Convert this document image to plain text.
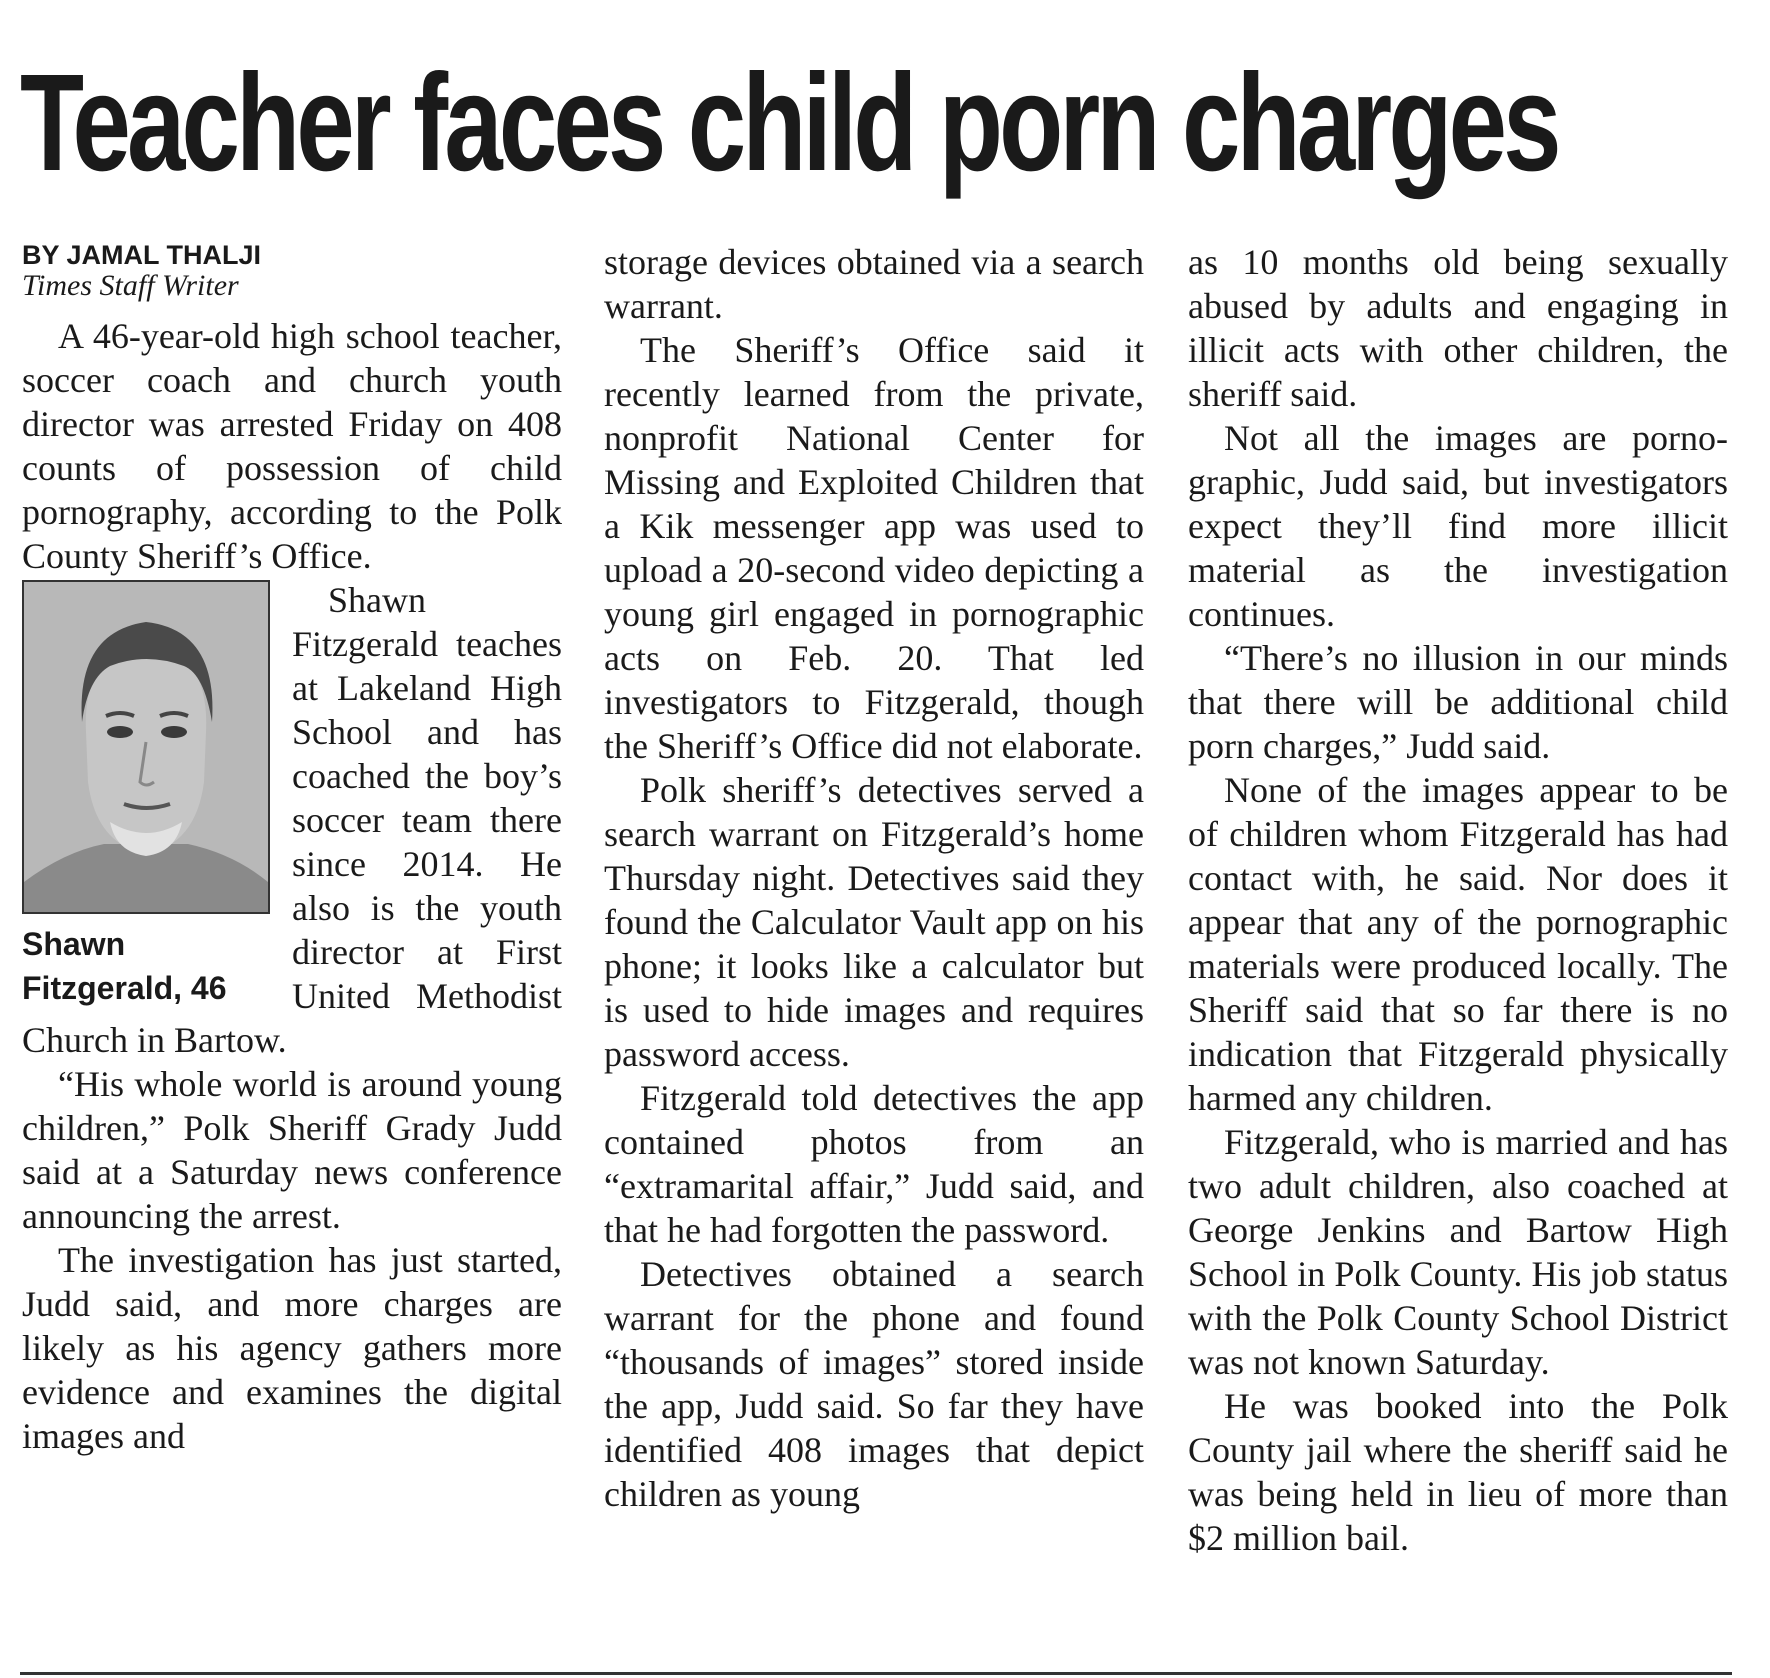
Teacher faces child porn charges
BY JAMAL THALJI
Times Staff Writer

A 46-year-old high school teacher, soccer coach and church youth director was arrested Friday on 408 counts of possession of child pornography, according to the Polk County Sheriff’s Office.

Shawn
Fitzgerald, 46

Shawn Fitzgerald teaches at Lakeland High School and has coached the boy’s soccer team there since 2014. He also is the youth director at First United Methodist Church in Bartow.

“His whole world is around young children,” Polk Sheriff Grady Judd said at a Saturday news conference announcing the arrest.

The investigation has just started, Judd said, and more charges are likely as his agency gathers more evidence and examines the digital images and

storage devices obtained via a search warrant.

The Sheriff’s Office said it recently learned from the private, nonprofit National Center for Missing and Exploited Children that a Kik messenger app was used to upload a 20-second video depicting a young girl engaged in pornographic acts on Feb. 20. That led investigators to Fitzgerald, though the Sheriff’s Office did not elaborate.

Polk sheriff’s detectives served a search warrant on Fitzgerald’s home Thursday night. Detectives said they found the Calculator Vault app on his phone; it looks like a calculator but is used to hide images and requires password access.

Fitzgerald told detectives the app contained photos from an “extramarital affair,” Judd said, and that he had forgotten the password.

Detectives obtained a search warrant for the phone and found “thousands of images” stored inside the app, Judd said. So far they have identified 408 images that depict children as young

as 10 months old being sexually abused by adults and engaging in illicit acts with other children, the sheriff said.

Not all the images are pornographic, Judd said, but investigators expect they’ll find more illicit material as the investigation continues.

“There’s no illusion in our minds that there will be additional child porn charges,” Judd said.

None of the images appear to be of children whom Fitzgerald has had contact with, he said. Nor does it appear that any of the pornographic materials were produced locally. The Sheriff said that so far there is no indication that Fitzgerald physically harmed any children.

Fitzgerald, who is married and has two adult children, also coached at George Jenkins and Bartow High School in Polk County. His job status with the Polk County School District was not known Saturday.

He was booked into the Polk County jail where the sheriff said he was being held in lieu of more than $2 million bail.
